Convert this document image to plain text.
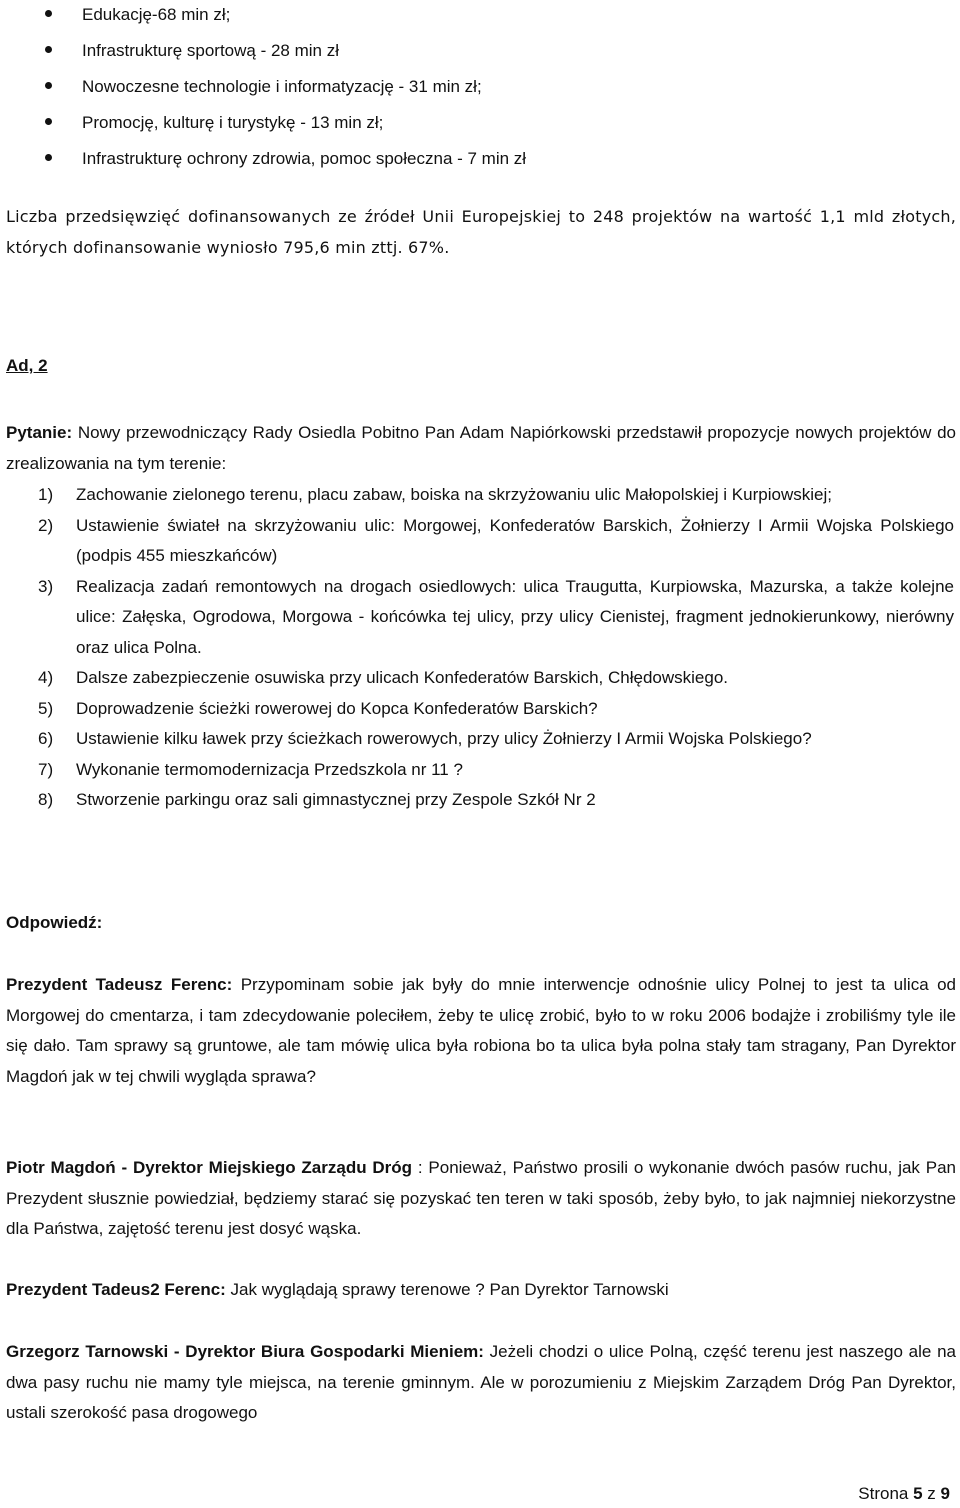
Edukację-68 min zł;
Infrastrukturę sportową - 28 min zł
Nowoczesne technologie i informatyzację - 31 min zł;
Promocję, kulturę i turystykę - 13 min zł;
Infrastrukturę ochrony zdrowia, pomoc społeczna - 7 min zł

Liczba przedsięwzięć dofinansowanych ze źródeł Unii Europejskiej to 248 projektów na wartość 1,1 mld złotych, których dofinansowanie wyniosło 795,6 min zttj. 67%.

Ad, 2

Pytanie: Nowy przewodniczący Rady Osiedla Pobitno Pan Adam Napiórkowski przedstawił propozycje nowych projektów do zrealizowania na tym terenie:

1) Zachowanie zielonego terenu, placu zabaw, boiska na skrzyżowaniu ulic Małopolskiej i Kurpiowskiej;
2) Ustawienie świateł na skrzyżowaniu ulic: Morgowej, Konfederatów Barskich, Żołnierzy I Armii Wojska Polskiego (podpis 455 mieszkańców)
3) Realizacja zadań remontowych na drogach osiedlowych: ulica Traugutta, Kurpiowska, Mazurska, a także kolejne ulice: Załęska, Ogrodowa, Morgowa - końcówka tej ulicy, przy ulicy Cienistej, fragment jednokierunkowy, nierówny oraz ulica Polna.
4) Dalsze zabezpieczenie osuwiska przy ulicach Konfederatów Barskich, Chłędowskiego.
5) Doprowadzenie ścieżki rowerowej do Kopca Konfederatów Barskich?
6) Ustawienie kilku ławek przy ścieżkach rowerowych, przy ulicy Żołnierzy I Armii Wojska Polskiego?
7) Wykonanie termomodernizacja Przedszkola nr 11 ?
8) Stworzenie parkingu oraz sali gimnastycznej przy Zespole Szkół Nr 2

Odpowiedź:

Prezydent Tadeusz Ferenc: Przypominam sobie jak były do mnie interwencje odnośnie ulicy Polnej to jest ta ulica od Morgowej do cmentarza, i tam zdecydowanie poleciłem, żeby te ulicę zrobić, było to w roku 2006 bodajże i zrobiliśmy tyle ile się dało. Tam sprawy są gruntowe, ale tam mówię ulica była robiona bo ta ulica była polna stały tam stragany, Pan Dyrektor Magdoń jak w tej chwili wygląda sprawa?

Piotr Magdoń - Dyrektor Miejskiego Zarządu Dróg : Ponieważ, Państwo prosili o wykonanie dwóch pasów ruchu, jak Pan Prezydent słusznie powiedział, będziemy starać się pozyskać ten teren w taki sposób, żeby było, to jak najmniej niekorzystne dla Państwa, zajętość terenu jest dosyć wąska.

Prezydent Tadeus2 Ferenc: Jak wyglądają sprawy terenowe ? Pan Dyrektor Tarnowski

Grzegorz Tarnowski - Dyrektor Biura Gospodarki Mieniem: Jeżeli chodzi o ulice Polną, część terenu jest naszego ale na dwa pasy ruchu nie mamy tyle miejsca, na terenie gminnym. Ale w porozumieniu z Miejskim Zarządem Dróg Pan Dyrektor, ustali szerokość pasa drogowego

Strona 5 z 9
